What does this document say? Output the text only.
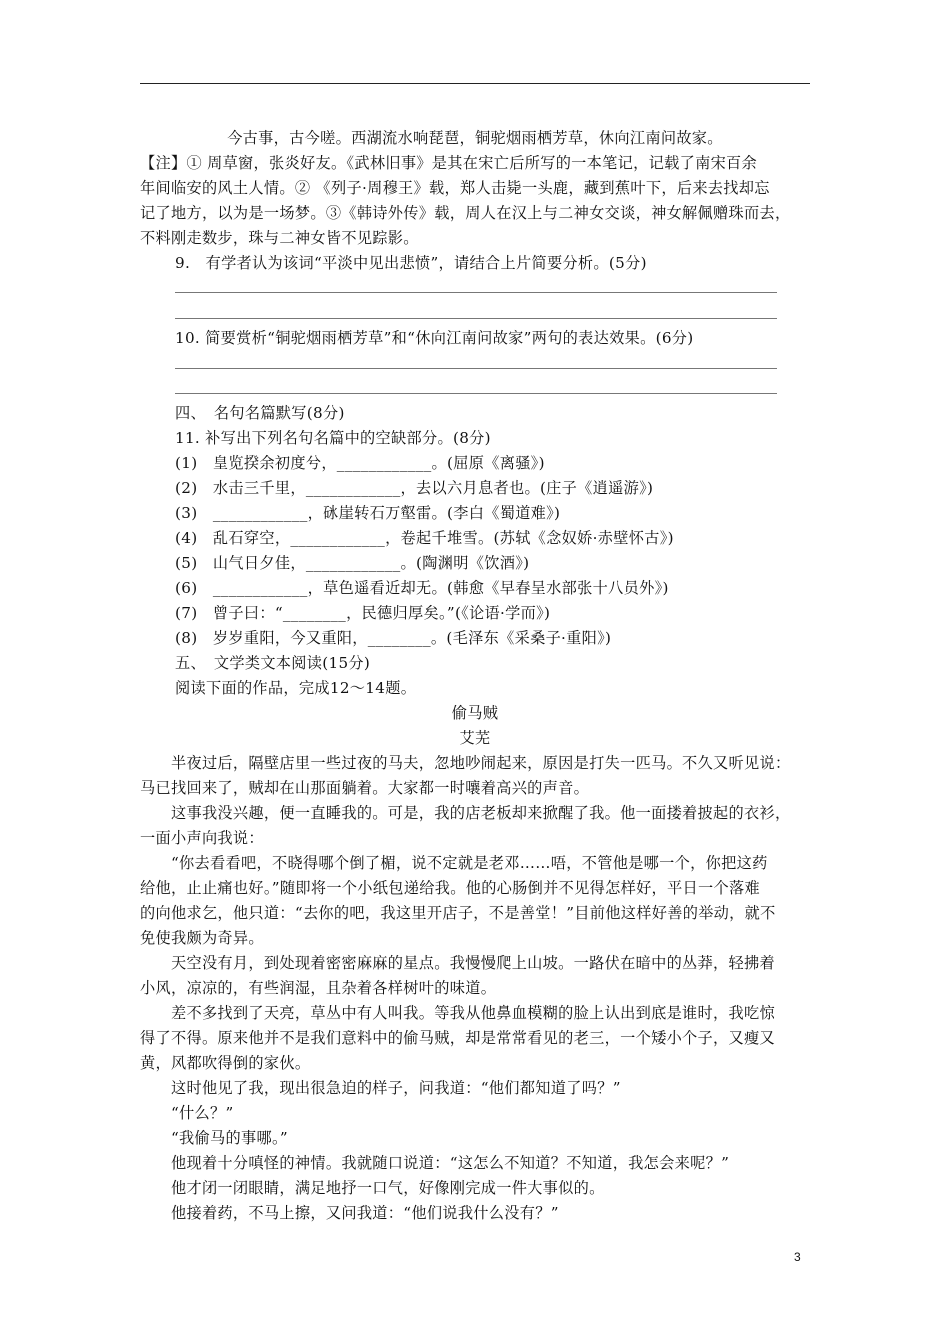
今古事，古今嗟。西湖流水响琵琶，铜驼烟雨栖芳草，休向江南问故家。
【注】① 周草窗，张炎好友。《武林旧事》是其在宋亡后所写的一本笔记，记载了南宋百余
年间临安的风土人情。② 《列子·周穆王》载，郑人击毙一头鹿，藏到蕉叶下，后来去找却忘
记了地方，以为是一场梦。③《韩诗外传》载，周人在汉上与二神女交谈，神女解佩赠珠而去，
不料刚走数步，珠与二神女皆不见踪影。
9.　有学者认为该词“平淡中见出悲愤”，请结合上片简要分析。(5分)
10. 简要赏析“铜驼烟雨栖芳草”和“休向江南问故家”两句的表达效果。(6分)
四、　名句名篇默写(8分)
11. 补写出下列名句名篇中的空缺部分。(8分)
(1)　皇览揆余初度兮，____________。(屈原《离骚》)
(2)　水击三千里，____________，去以六月息者也。(庄子《逍遥游》)
(3)　____________，砯崖转石万壑雷。(李白《蜀道难》)
(4)　乱石穿空，____________，卷起千堆雪。(苏轼《念奴娇·赤壁怀古》)
(5)　山气日夕佳，____________。(陶渊明《饮酒》)
(6)　____________，草色遥看近却无。(韩愈《早春呈水部张十八员外》)
(7)　曾子曰：“________，民德归厚矣。”(《论语·学而》)
(8)　岁岁重阳，今又重阳，________。(毛泽东《采桑子·重阳》)
五、　文学类文本阅读(15分)
阅读下面的作品，完成12～14题。
偷马贼
艾芜
　　半夜过后，隔壁店里一些过夜的马夫，忽地吵闹起来，原因是打失一匹马。不久又听见说：
马已找回来了，贼却在山那面躺着。大家都一时嚷着高兴的声音。
　　这事我没兴趣，便一直睡我的。可是，我的店老板却来掀醒了我。他一面搂着披起的衣衫，
一面小声向我说：
　　“你去看看吧，不晓得哪个倒了楣，说不定就是老邓……唔，不管他是哪一个，你把这药
给他，止止痛也好。”随即将一个小纸包递给我。他的心肠倒并不见得怎样好，平日一个落难
的向他求乞，他只道：“去你的吧，我这里开店子，不是善堂！”目前他这样好善的举动，就不
免使我颇为奇异。
　　天空没有月，到处现着密密麻麻的星点。我慢慢爬上山坡。一路伏在暗中的丛莽，轻拂着
小风，凉凉的，有些润湿，且杂着各样树叶的味道。
　　差不多找到了天亮，草丛中有人叫我。等我从他鼻血模糊的脸上认出到底是谁时，我吃惊
得了不得。原来他并不是我们意料中的偷马贼，却是常常看见的老三，一个矮小个子，又瘦又
黄，风都吹得倒的家伙。
　　这时他见了我，现出很急迫的样子，问我道：“他们都知道了吗？”
　　“什么？”
　　“我偷马的事哪。”
　　他现着十分嗔怪的神情。我就随口说道：“这怎么不知道？不知道，我怎会来呢？”
　　他才闭一闭眼睛，满足地抒一口气，好像刚完成一件大事似的。
　　他接着药，不马上擦，又问我道：“他们说我什么没有？”
3
